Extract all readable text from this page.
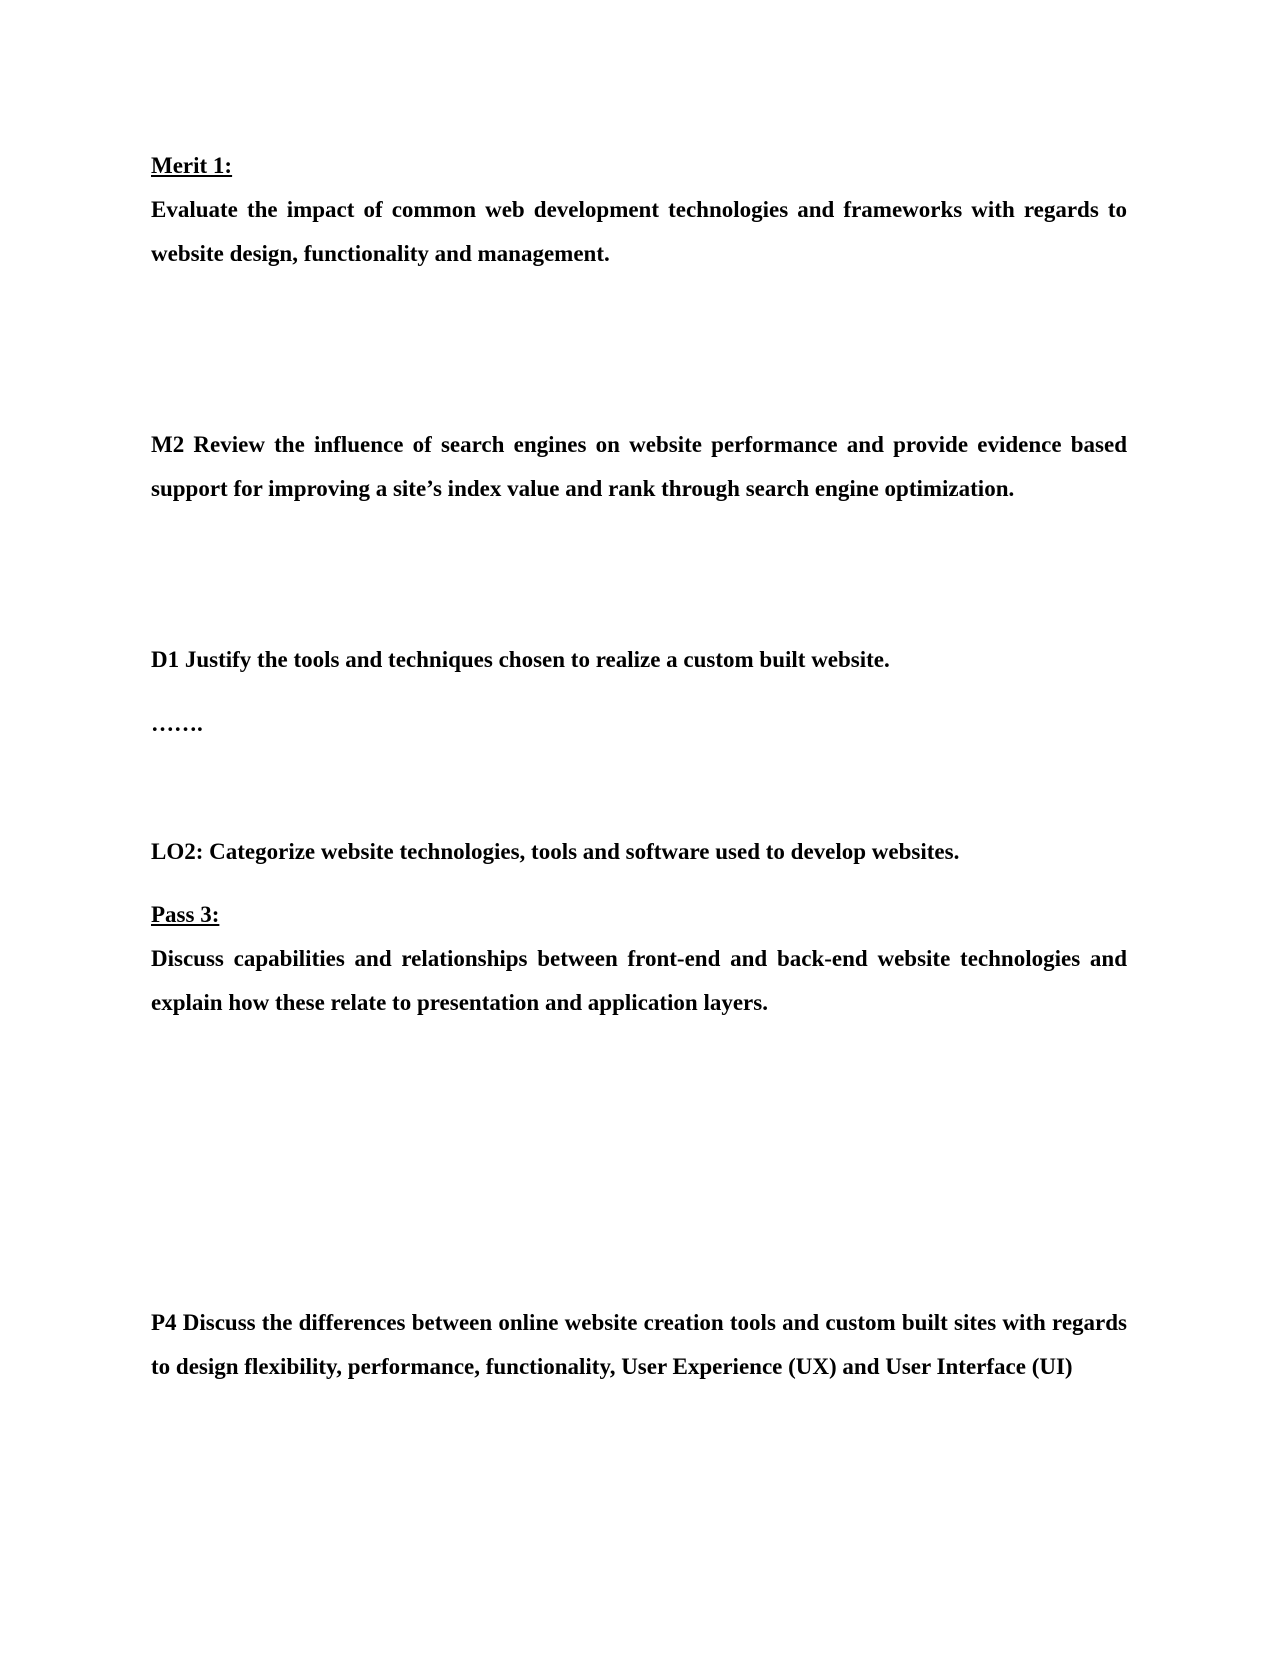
Merit 1:
Evaluate the impact of common web development technologies and frameworks with regards to website design, functionality and management.
M2 Review the influence of search engines on website performance and provide evidence based support for improving a site’s index value and rank through search engine optimization.
D1 Justify the tools and techniques chosen to realize a custom built website.
…….
LO2: Categorize website technologies, tools and software used to develop websites.
Pass 3:
Discuss capabilities and relationships between front-end and back-end website technologies and explain how these relate to presentation and application layers.
P4 Discuss the differences between online website creation tools and custom built sites with regards to design flexibility, performance, functionality, User Experience (UX) and User Interface (UI)
